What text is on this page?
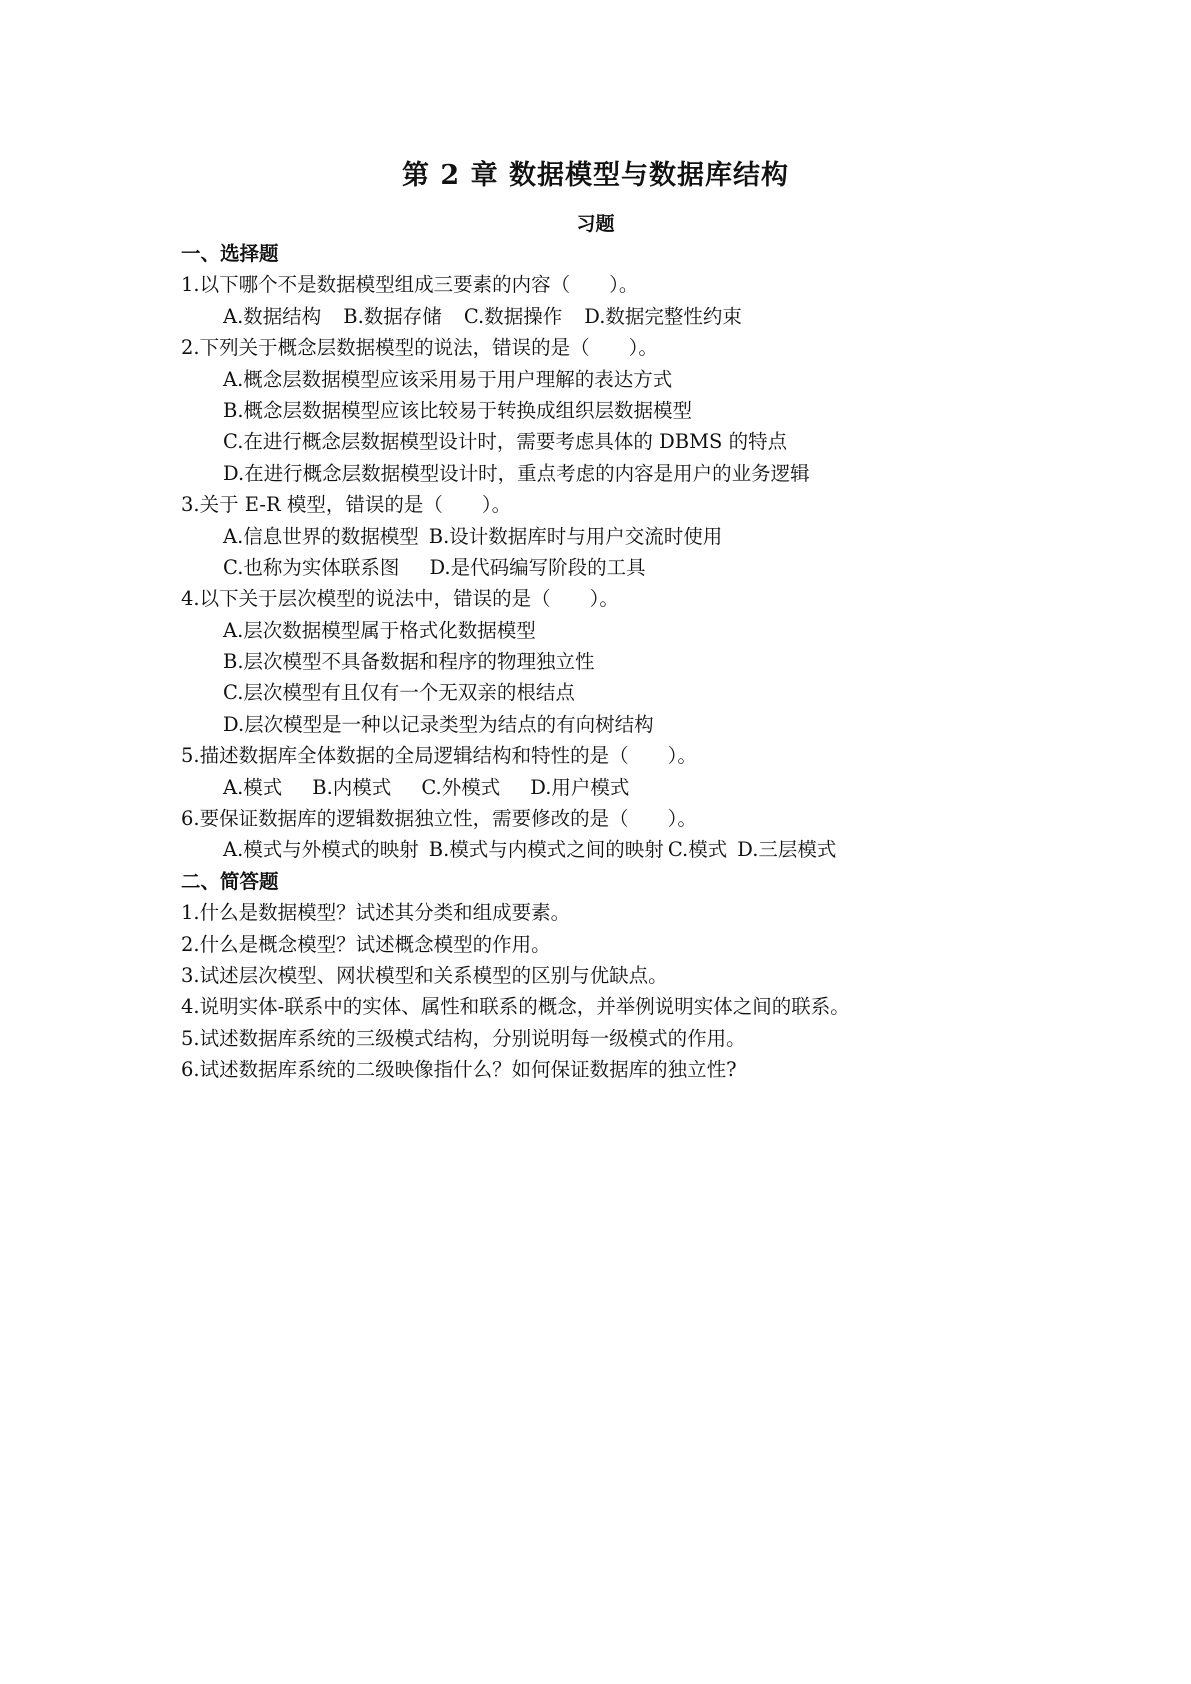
第 2 章 数据模型与数据库结构
习题
一、选择题
1.以下哪个不是数据模型组成三要素的内容（　　）。
A.数据结构 B.数据存储 C.数据操作 D.数据完整性约束
2.下列关于概念层数据模型的说法，错误的是（　　）。
A.概念层数据模型应该采用易于用户理解的表达方式
B.概念层数据模型应该比较易于转换成组织层数据模型
C.在进行概念层数据模型设计时，需要考虑具体的 DBMS 的特点
D.在进行概念层数据模型设计时，重点考虑的内容是用户的业务逻辑
3.关于 E-R 模型，错误的是（　　）。
A.信息世界的数据模型 B.设计数据库时与用户交流时使用
C.也称为实体联系图 D.是代码编写阶段的工具
4.以下关于层次模型的说法中，错误的是（　　）。
A.层次数据模型属于格式化数据模型
B.层次模型不具备数据和程序的物理独立性
C.层次模型有且仅有一个无双亲的根结点
D.层次模型是一种以记录类型为结点的有向树结构
5.描述数据库全体数据的全局逻辑结构和特性的是（　　）。
A.模式 B.内模式 C.外模式 D.用户模式
6.要保证数据库的逻辑数据独立性，需要修改的是（　　）。
A.模式与外模式的映射 B.模式与内模式之间的映射 C.模式 D.三层模式
二、简答题
1.什么是数据模型？试述其分类和组成要素。
2.什么是概念模型？试述概念模型的作用。
3.试述层次模型、网状模型和关系模型的区别与优缺点。
4.说明实体-联系中的实体、属性和联系的概念，并举例说明实体之间的联系。
5.试述数据库系统的三级模式结构，分别说明每一级模式的作用。
6.试述数据库系统的二级映像指什么？如何保证数据库的独立性?
